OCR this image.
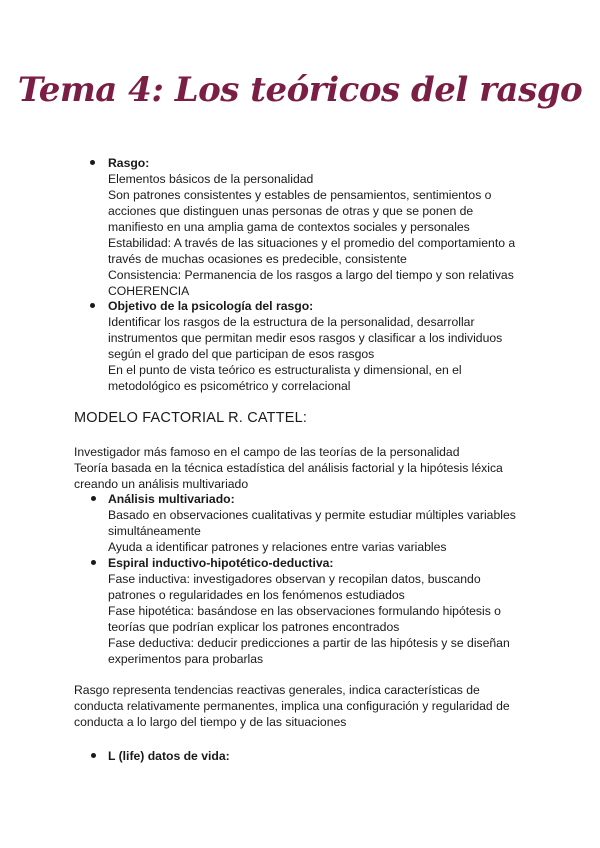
Tema 4: Los teóricos del rasgo
Rasgo:
Elementos básicos de la personalidad
Son patrones consistentes y estables de pensamientos, sentimientos o
acciones que distinguen unas personas de otras y que se ponen de
manifiesto en una amplia gama de contextos sociales y personales
Estabilidad: A través de las situaciones y el promedio del comportamiento a
través de muchas ocasiones es predecible, consistente
Consistencia: Permanencia de los rasgos a largo del tiempo y son relativas
COHERENCIA
Objetivo de la psicología del rasgo:
Identificar los rasgos de la estructura de la personalidad, desarrollar
instrumentos que permitan medir esos rasgos y clasificar a los individuos
según el grado del que participan de esos rasgos
En el punto de vista teórico es estructuralista y dimensional, en el
metodológico es psicométrico y correlacional
MODELO FACTORIAL R. CATTEL:
Investigador más famoso en el campo de las teorías de la personalidad
Teoría basada en la técnica estadística del análisis factorial y la hipótesis léxica
creando un análisis multivariado
Análisis multivariado:
Basado en observaciones cualitativas y permite estudiar múltiples variables
simultáneamente
Ayuda a identificar patrones y relaciones entre varias variables
Espiral inductivo-hipotético-deductiva:
Fase inductiva: investigadores observan y recopilan datos, buscando
patrones o regularidades en los fenómenos estudiados
Fase hipotética: basándose en las observaciones formulando hipótesis o
teorías que podrían explicar los patrones encontrados
Fase deductiva: deducir predicciones a partir de las hipótesis y se diseñan
experimentos para probarlas
Rasgo representa tendencias reactivas generales, indica características de
conducta relativamente permanentes, implica una configuración y regularidad de
conducta a lo largo del tiempo y de las situaciones
L (life) datos de vida:
